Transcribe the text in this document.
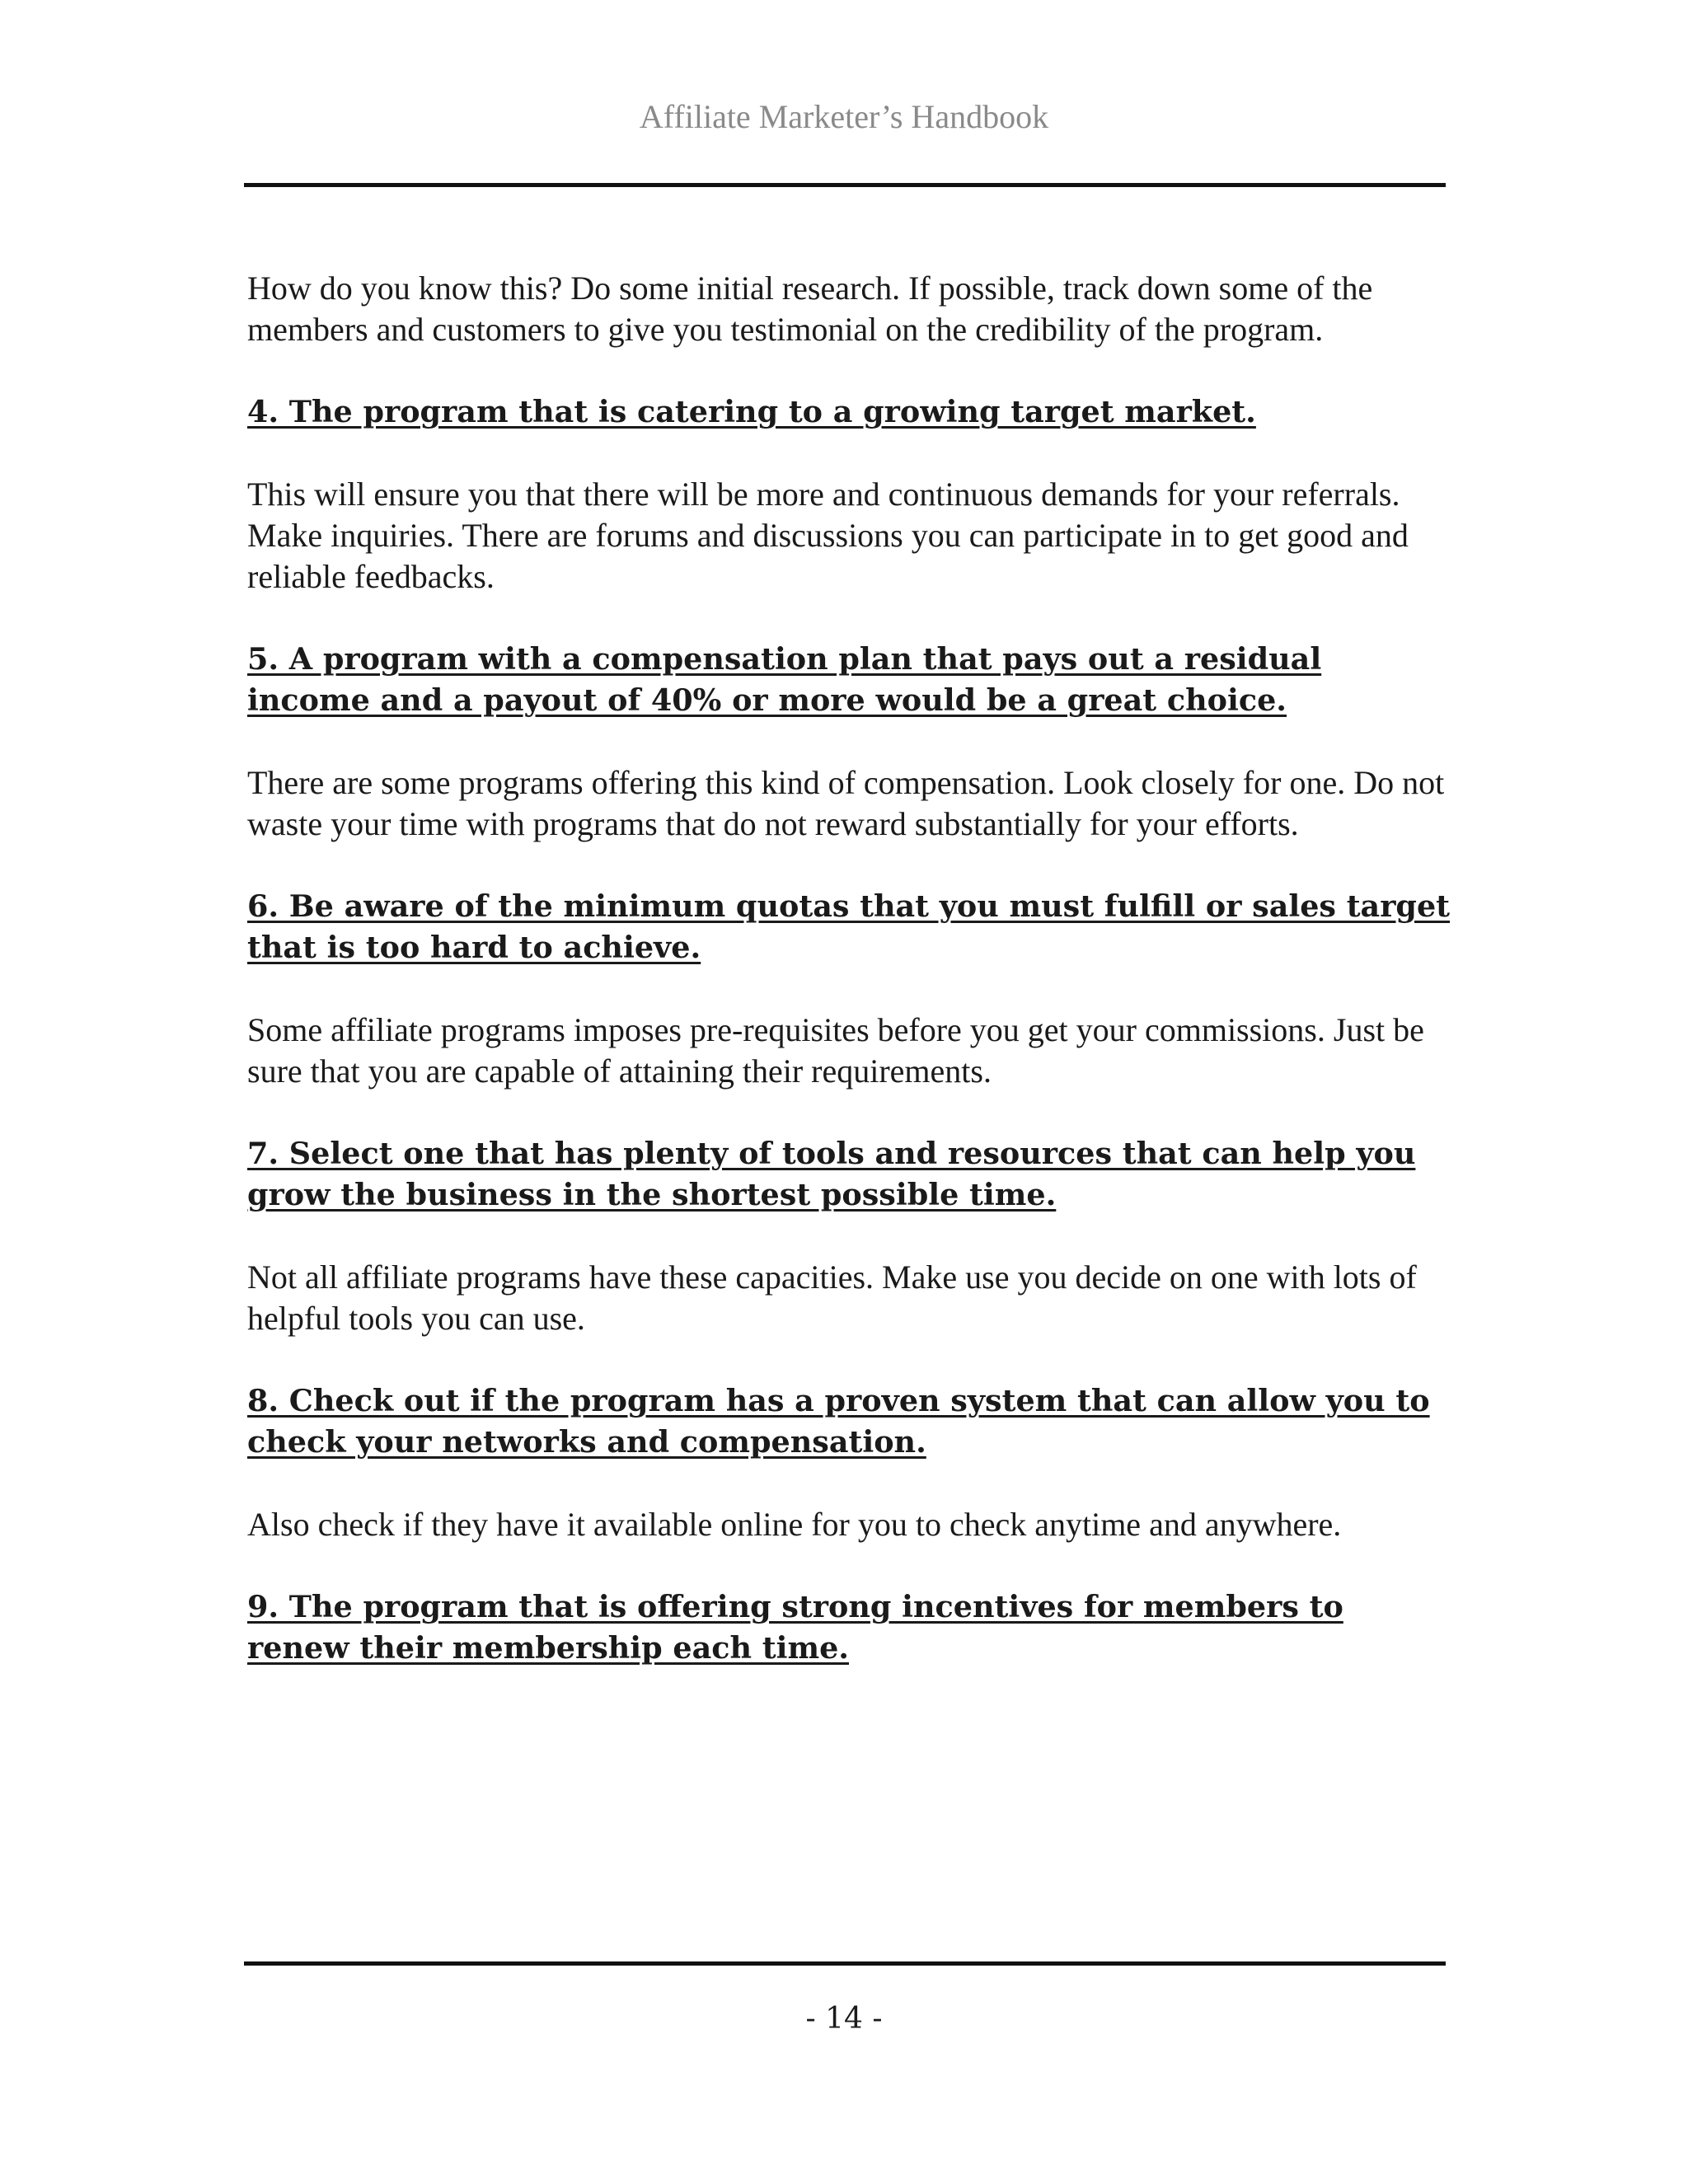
Affiliate Marketer’s Handbook

How do you know this? Do some initial research. If possible, track down some of the members and customers to give you testimonial on the credibility of the program.

4. The program that is catering to a growing target market.

This will ensure you that there will be more and continuous demands for your referrals. Make inquiries. There are forums and discussions you can participate in to get good and reliable feedbacks.

5. A program with a compensation plan that pays out a residual income and a payout of 40% or more would be a great choice.

There are some programs offering this kind of compensation. Look closely for one. Do not waste your time with programs that do not reward substantially for your efforts.

6. Be aware of the minimum quotas that you must fulfill or sales target that is too hard to achieve.

Some affiliate programs imposes pre-requisites before you get your commissions. Just be sure that you are capable of attaining their requirements.

7. Select one that has plenty of tools and resources that can help you grow the business in the shortest possible time.

Not all affiliate programs have these capacities. Make use you decide on one with lots of helpful tools you can use.

8. Check out if the program has a proven system that can allow you to check your networks and compensation.

Also check if they have it available online for you to check anytime and anywhere.

9. The program that is offering strong incentives for members to renew their membership each time.

- 14 -
